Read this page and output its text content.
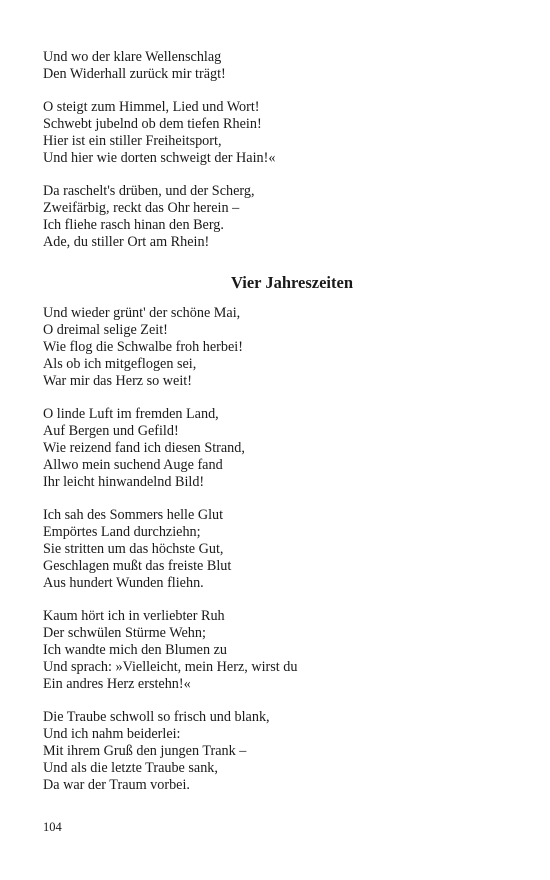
Und wo der klare Wellenschlag
Den Widerhall zurück mir trägt!
O steigt zum Himmel, Lied und Wort!
Schwebt jubelnd ob dem tiefen Rhein!
Hier ist ein stiller Freiheitsport,
Und hier wie dorten schweigt der Hain!«
Da raschelt's drüben, und der Scherg,
Zweifärbig, reckt das Ohr herein –
Ich fliehe rasch hinan den Berg.
Ade, du stiller Ort am Rhein!
Vier Jahreszeiten
Und wieder grünt' der schöne Mai,
O dreimal selige Zeit!
Wie flog die Schwalbe froh herbei!
Als ob ich mitgeflogen sei,
War mir das Herz so weit!
O linde Luft im fremden Land,
Auf Bergen und Gefild!
Wie reizend fand ich diesen Strand,
Allwo mein suchend Auge fand
Ihr leicht hinwandelnd Bild!
Ich sah des Sommers helle Glut
Empörtes Land durchziehn;
Sie stritten um das höchste Gut,
Geschlagen mußt das freiste Blut
Aus hundert Wunden fliehn.
Kaum hört ich in verliebter Ruh
Der schwülen Stürme Wehn;
Ich wandte mich den Blumen zu
Und sprach: »Vielleicht, mein Herz, wirst du
Ein andres Herz erstehn!«
Die Traube schwoll so frisch und blank,
Und ich nahm beiderlei:
Mit ihrem Gruß den jungen Trank –
Und als die letzte Traube sank,
Da war der Traum vorbei.
104
